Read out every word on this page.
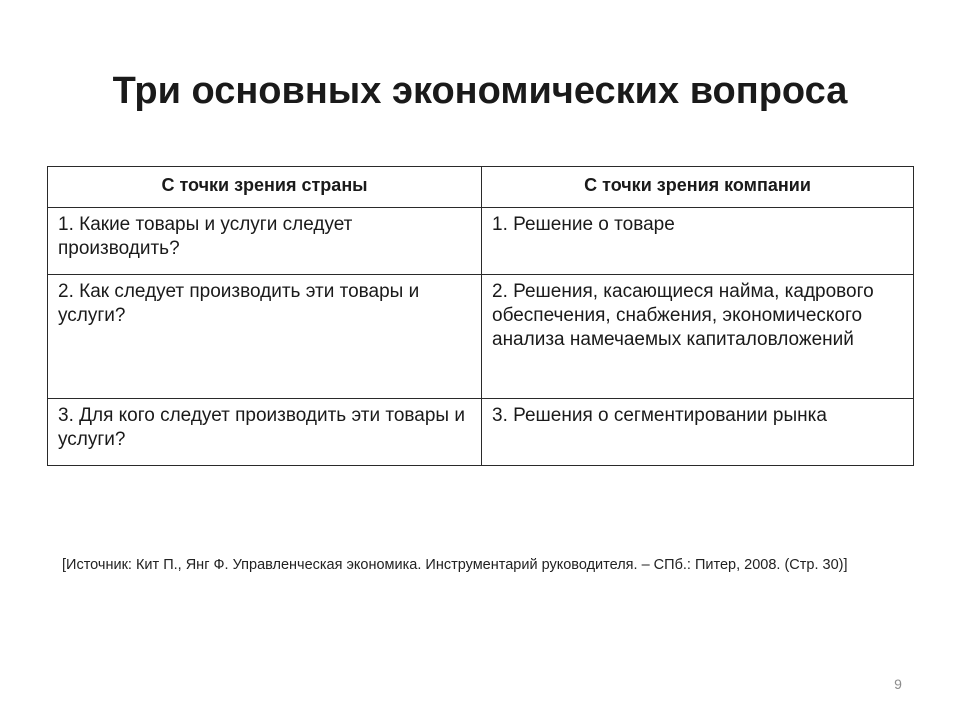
Три основных экономических вопроса
С точки зрения страны	С точки зрения компании
1. Какие товары и услуги следует производить?	1. Решение о товаре
2. Как следует производить эти товары и услуги?	2. Решения, касающиеся найма, кадрового обеспечения, снабжения, экономического анализа намечаемых капиталовложений
3. Для кого следует производить эти товары и услуги?	3. Решения о сегментировании рынка
[Источник: Кит П., Янг Ф. Управленческая экономика. Инструментарий руководителя. – СПб.: Питер, 2008. (Стр. 30)]
9
